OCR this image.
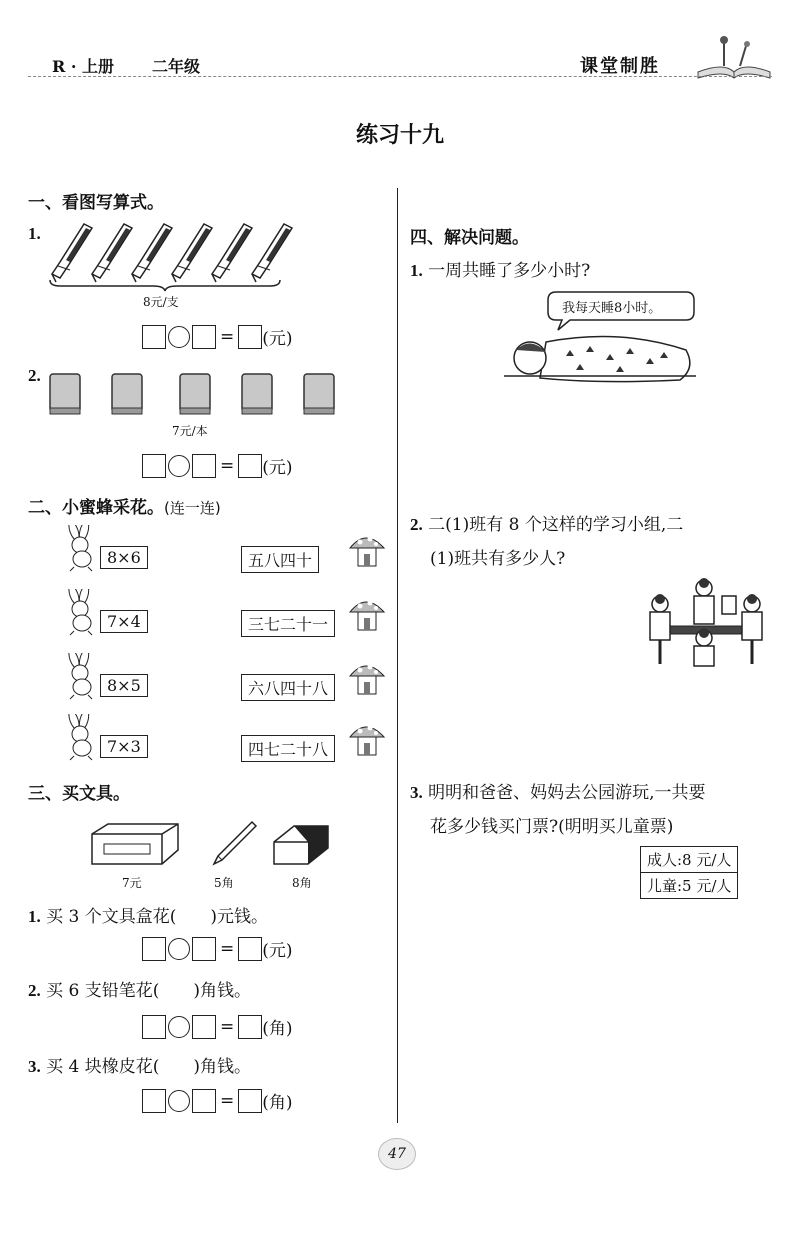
R · 上册 二年级	课堂制胜
练习十九
一、看图写算式。
1.
8元/支
= (元)
2.
7元/本
= (元)
二、小蜜蜂采花。(连一连)
8×6	五八四十
7×4	三七二十一
8×5	六八四十八
7×3	四七二十八
三、买文具。
7元	5角	8角
1. 买 3 个文具盒花(　　)元钱。
= (元)
2. 买 6 支铅笔花(　　)角钱。
= (角)
3. 买 4 块橡皮花(　　)角钱。
= (角)
四、解决问题。
1. 一周共睡了多少小时?
我每天睡8小时。
2. 二(1)班有 8 个这样的学习小组,二
(1)班共有多少人?
3. 明明和爸爸、妈妈去公园游玩,一共要
花多少钱买门票?(明明买儿童票)
成人:8 元/人
儿童:5 元/人
47
